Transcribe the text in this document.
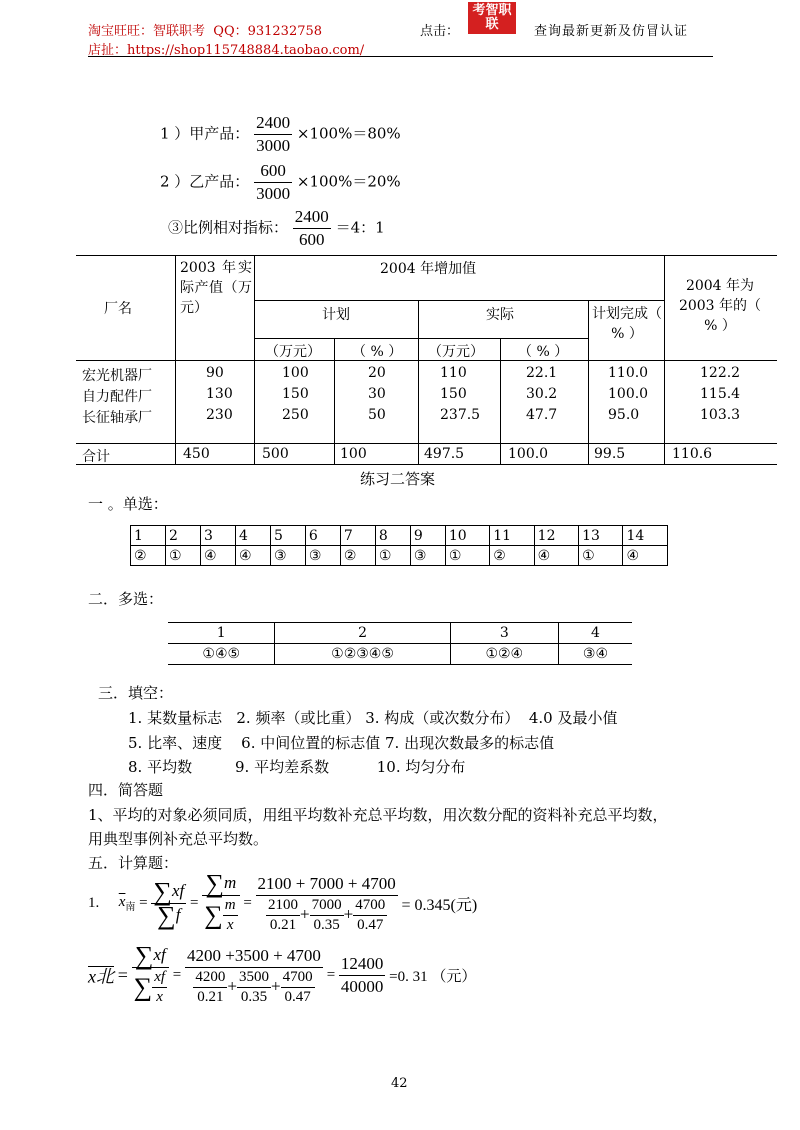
淘宝旺旺：智联职考 QQ：931232758	点击：
考智职联	查询最新更新及仿冒认证
店扯：https://shop115748884.taobao.com/
1 ）甲产品： $\frac{2400}{3000} \times 100\%=80\%$
2 ）乙产品： $\frac{600}{3000} \times 100\%=20\%$
③比例相对指标： $\frac{2400}{600} =4$：1
厂名
2003 年实际产值（万元）
2004 年增加值
计划	实际	计划完成（ % ）
2004 年为 2003 年的（ % ）
（万元） （ % ） （万元） （ % ）
宏光机器厂	90	100	20	110	22.1	110.0	122.2
自力配件厂	130	150	30	150	30.2	100.0	115.4
长征轴承厂	230	250	50	237.5	47.7	95.0	103.3
合计	450	500	100	497.5	100.0	99.5	110.6
练习二答案
一 。单选：
1	2	3	4	5	6	7	8	9	10	11	12	13	14
②	①	④	④	③	③	②	①	③	①	②	④	①	④
二．多选：
1	2	3	4
①④⑤	①②③④⑤	①②④	③④
三．填空：
1. 某数量标志   2. 频率（或比重） 3. 构成（或次数分布）  4.0 及最小值
5. 比率、速度    6. 中间位置的标志值 7. 出现次数最多的标志值
8. 平均数         9. 平均差系数          10. 均匀分布
四．简答题
1、平均的对象必须同质，用组平均数补充总平均数，用次数分配的资料补充总平均数，
用典型事例补充总平均数。
五．计算题：
1. $\overline{x}_南 = \frac{\sum xf}{\sum f} = \frac{\sum m}{\sum \frac{m}{x}} = \frac{2100 + 7000 + 4700}{\frac{2100}{0.21} + \frac{7000}{0.35} + \frac{4700}{0.47}} = 0.345$(元)
x北 = $\frac{\sum xf}{\sum \frac{xf}{x}} = \frac{4200 +3500 + 4700}{\frac{4200}{0.21} + \frac{3500}{0.35} + \frac{4700}{0.47}} = \frac{12400}{40000} =0$. 31 （元）
42
